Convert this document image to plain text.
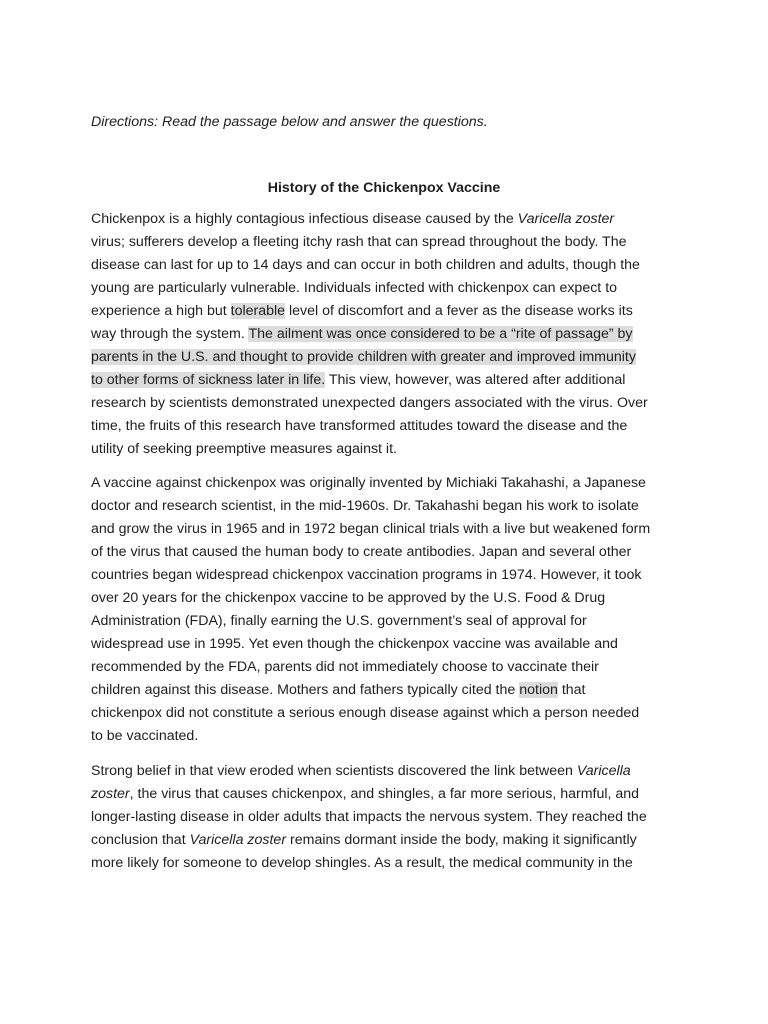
Directions: Read the passage below and answer the questions.
History of the Chickenpox Vaccine
Chickenpox is a highly contagious infectious disease caused by the Varicella zoster
virus; sufferers develop a fleeting itchy rash that can spread throughout the body. The
disease can last for up to 14 days and can occur in both children and adults, though the
young are particularly vulnerable. Individuals infected with chickenpox can expect to
experience a high but tolerable level of discomfort and a fever as the disease works its
way through the system. The ailment was once considered to be a “rite of passage” by
parents in the U.S. and thought to provide children with greater and improved immunity
to other forms of sickness later in life. This view, however, was altered after additional
research by scientists demonstrated unexpected dangers associated with the virus. Over
time, the fruits of this research have transformed attitudes toward the disease and the
utility of seeking preemptive measures against it.
A vaccine against chickenpox was originally invented by Michiaki Takahashi, a Japanese
doctor and research scientist, in the mid-1960s. Dr. Takahashi began his work to isolate
and grow the virus in 1965 and in 1972 began clinical trials with a live but weakened form
of the virus that caused the human body to create antibodies. Japan and several other
countries began widespread chickenpox vaccination programs in 1974. However, it took
over 20 years for the chickenpox vaccine to be approved by the U.S. Food & Drug
Administration (FDA), finally earning the U.S. government’s seal of approval for
widespread use in 1995. Yet even though the chickenpox vaccine was available and
recommended by the FDA, parents did not immediately choose to vaccinate their
children against this disease. Mothers and fathers typically cited the notion that
chickenpox did not constitute a serious enough disease against which a person needed
to be vaccinated.
Strong belief in that view eroded when scientists discovered the link between Varicella
zoster, the virus that causes chickenpox, and shingles, a far more serious, harmful, and
longer-lasting disease in older adults that impacts the nervous system. They reached the
conclusion that Varicella zoster remains dormant inside the body, making it significantly
more likely for someone to develop shingles. As a result, the medical community in the
